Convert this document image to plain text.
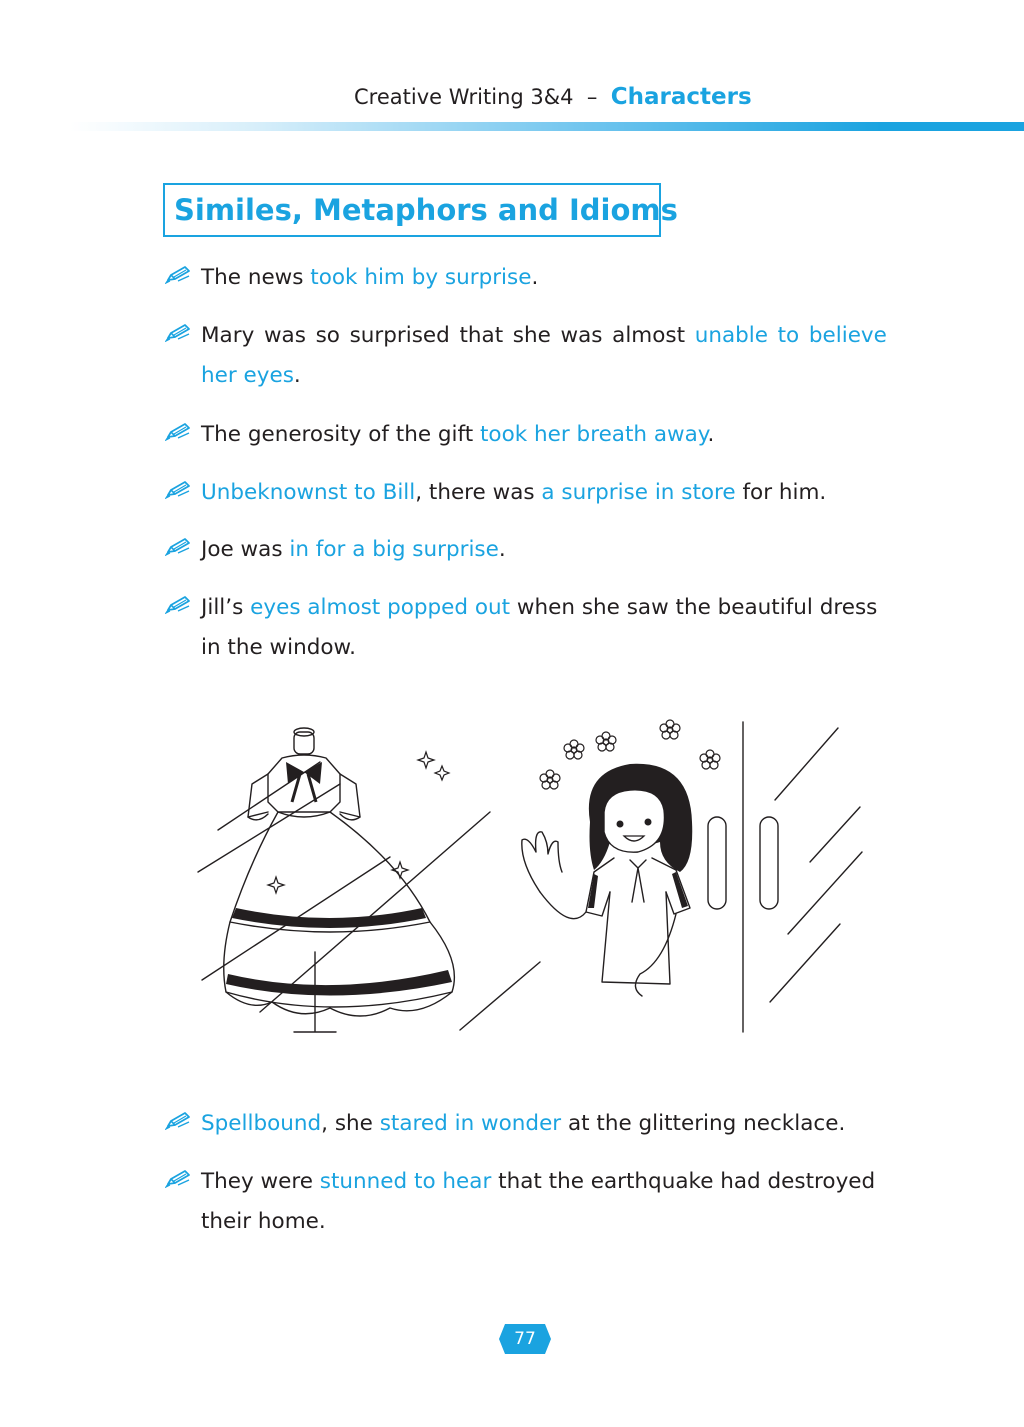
Creative Writing 3&4 – Characters
Similes, Metaphors and Idioms
The news took him by surprise.
Mary was so surprised that she was almost unable to believe
her eyes.
The generosity of the gift took her breath away.
Unbeknownst to Bill, there was a surprise in store for him.
Joe was in for a big surprise.
Jill’s eyes almost popped out when she saw the beautiful dress
in the window.
Spellbound, she stared in wonder at the glittering necklace.
They were stunned to hear that the earthquake had destroyed
their home.
77
